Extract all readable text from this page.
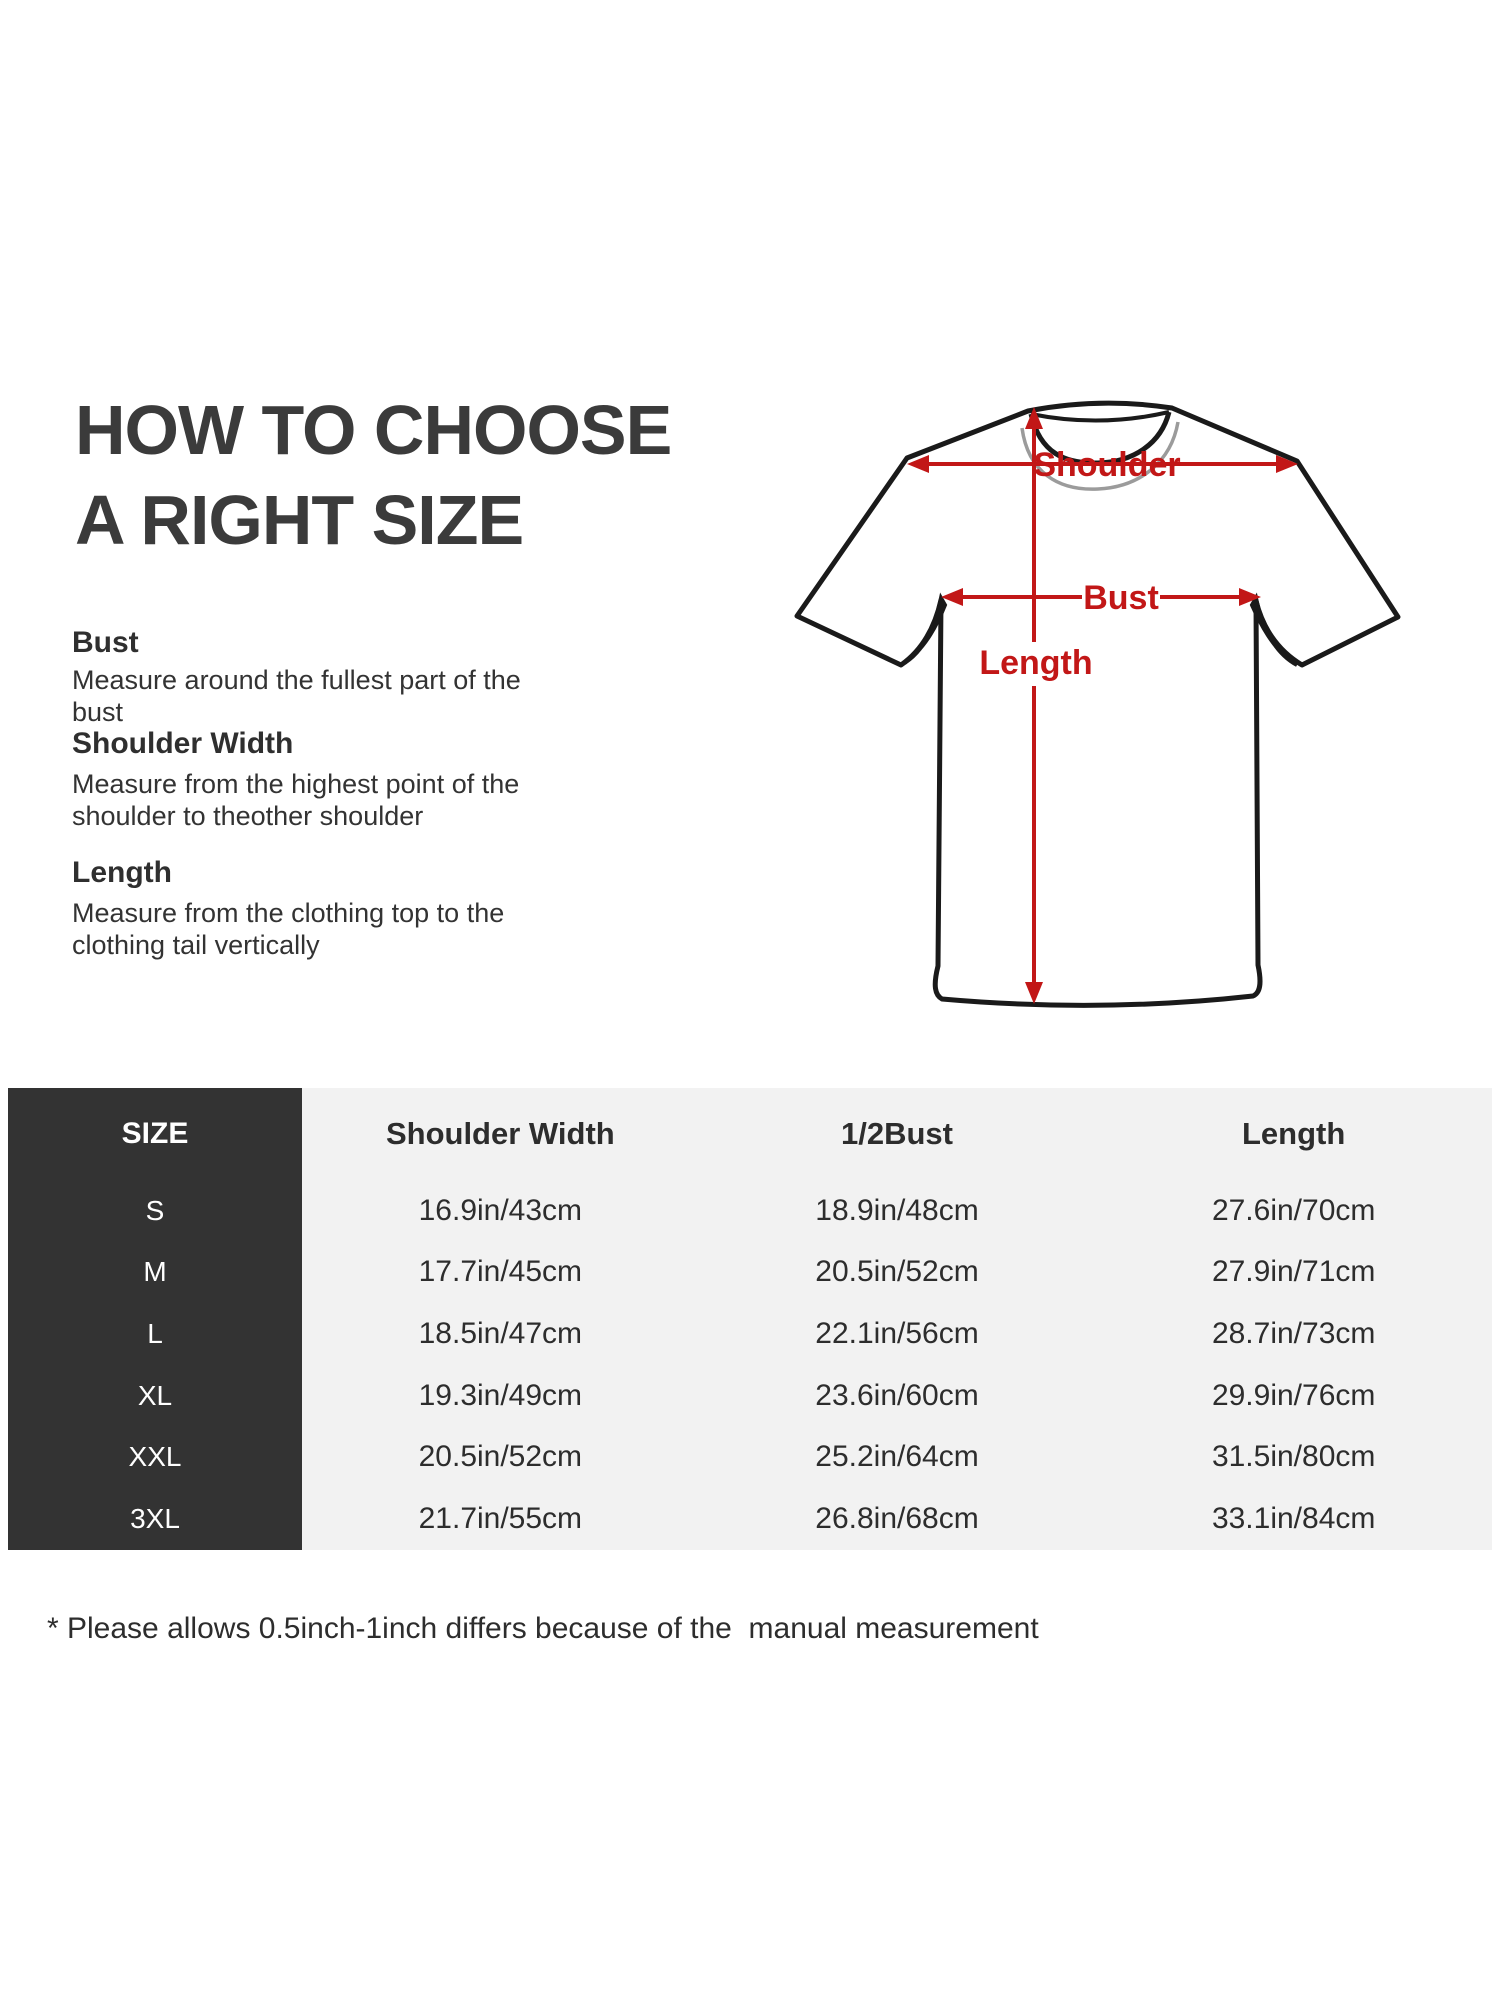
HOW TO CHOOSE
A RIGHT SIZE
Bust
Measure around the fullest part of the bust
Shoulder Width
Measure from the highest point of the shoulder to theother shoulder
Length
Measure from the clothing top to the clothing tail vertically
Shoulder
Bust
Length
SIZE	Shoulder Width	1/2Bust	Length
S	16.9in/43cm	18.9in/48cm	27.6in/70cm
M	17.7in/45cm	20.5in/52cm	27.9in/71cm
L	18.5in/47cm	22.1in/56cm	28.7in/73cm
XL	19.3in/49cm	23.6in/60cm	29.9in/76cm
XXL	20.5in/52cm	25.2in/64cm	31.5in/80cm
3XL	21.7in/55cm	26.8in/68cm	33.1in/84cm
* Please allows 0.5inch-1inch differs because of the  manual measurement
